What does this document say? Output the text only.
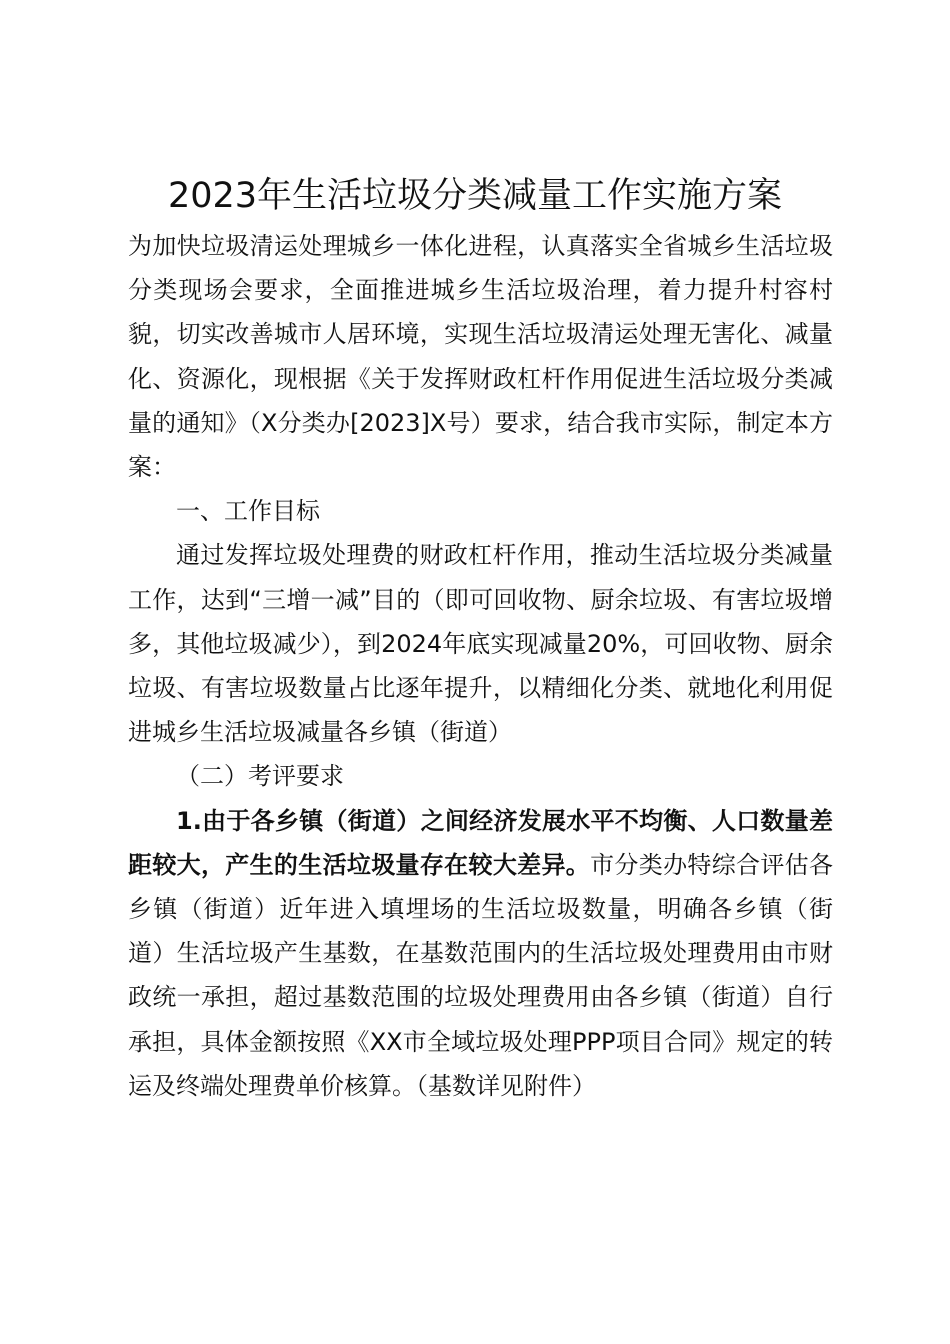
2023年生活垃圾分类减量工作实施方案

为加快垃圾清运处理城乡一体化进程，认真落实全省城乡生活垃圾分类现场会要求，全面推进城乡生活垃圾治理，着力提升村容村貌，切实改善城市人居环境，实现生活垃圾清运处理无害化、减量化、资源化，现根据《关于发挥财政杠杆作用促进生活垃圾分类减量的通知》（X分类办[2023]X号）要求，结合我市实际，制定本方案：

一、工作目标

通过发挥垃圾处理费的财政杠杆作用，推动生活垃圾分类减量工作，达到“三增一减”目的（即可回收物、厨余垃圾、有害垃圾增多，其他垃圾减少），到2024年底实现减量20%，可回收物、厨余垃圾、有害垃圾数量占比逐年提升，以精细化分类、就地化利用促进城乡生活垃圾减量各乡镇（街道）

（二）考评要求

1.由于各乡镇（街道）之间经济发展水平不均衡、人口数量差距较大，产生的生活垃圾量存在较大差异。市分类办特综合评估各乡镇（街道）近年进入填埋场的生活垃圾数量，明确各乡镇（街道）生活垃圾产生基数，在基数范围内的生活垃圾处理费用由市财政统一承担，超过基数范围的垃圾处理费用由各乡镇（街道）自行承担，具体金额按照《XX市全域垃圾处理PPP项目合同》规定的转运及终端处理费单价核算。（基数详见附件）
